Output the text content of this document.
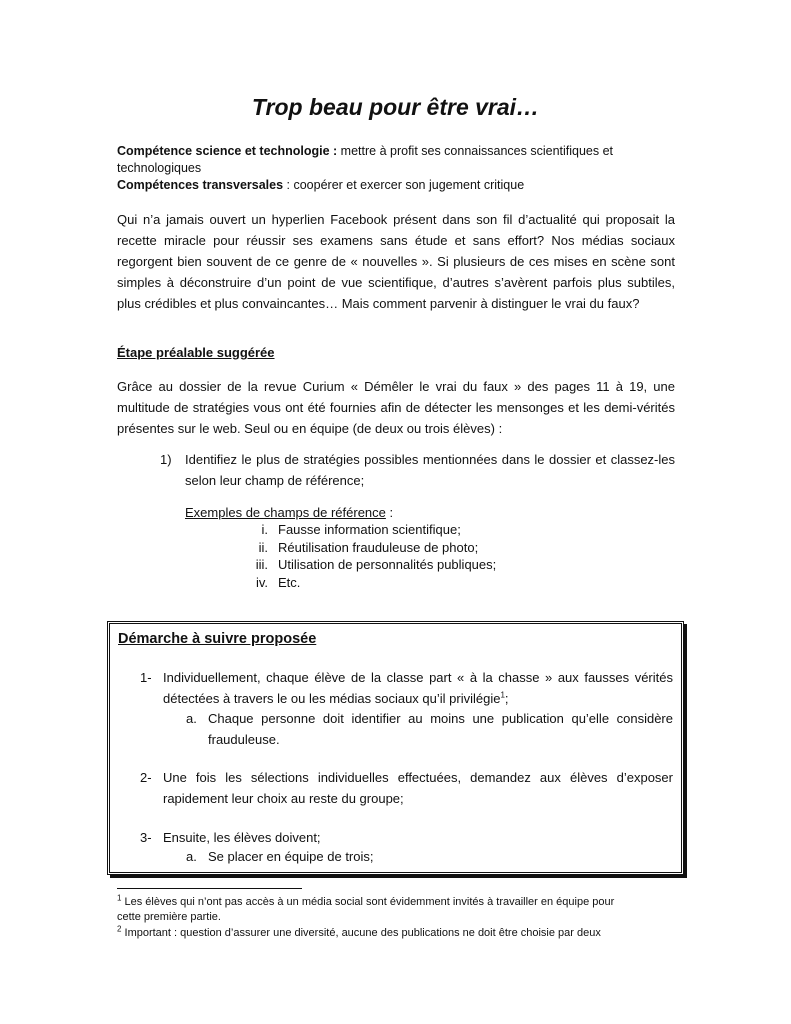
Trop beau pour être vrai…
Compétence science et technologie : mettre à profit ses connaissances scientifiques et
technologiques
Compétences transversales : coopérer et exercer son jugement critique
Qui n’a jamais ouvert un hyperlien Facebook présent dans son fil d’actualité qui proposait la
recette miracle pour réussir ses examens sans étude et sans effort? Nos médias sociaux
regorgent bien souvent de ce genre de « nouvelles ». Si plusieurs de ces mises en scène sont
simples à déconstruire d’un point de vue scientifique, d’autres s’avèrent parfois plus subtiles,
plus crédibles et plus convaincantes… Mais comment parvenir à distinguer le vrai du faux?
Étape préalable suggérée
Grâce au dossier de la revue Curium « Démêler le vrai du faux » des pages 11 à 19, une
multitude de stratégies vous ont été fournies afin de détecter les mensonges et les demi-vérités
présentes sur le web. Seul ou en équipe (de deux ou trois élèves) :
1) Identifiez le plus de stratégies possibles mentionnées dans le dossier et classez-les
selon leur champ de référence;
Exemples de champs de référence :
i. Fausse information scientifique;
ii. Réutilisation frauduleuse de photo;
iii. Utilisation de personnalités publiques;
iv. Etc.
Démarche à suivre proposée
1- Individuellement, chaque élève de la classe part « à la chasse » aux fausses vérités
détectées à travers le ou les médias sociaux qu’il privilégie$^1$;
a. Chaque personne doit identifier au moins une publication qu’elle considère
frauduleuse.
2- Une fois les sélections individuelles effectuées, demandez aux élèves d’exposer
rapidement leur choix au reste du groupe;
3- Ensuite, les élèves doivent;
a. Se placer en équipe de trois;
$^1$ Les élèves qui n’ont pas accès à un média social sont évidemment invités à travailler en équipe pour
cette première partie.
$^2$ Important : question d’assurer une diversité, aucune des publications ne doit être choisie par deux
